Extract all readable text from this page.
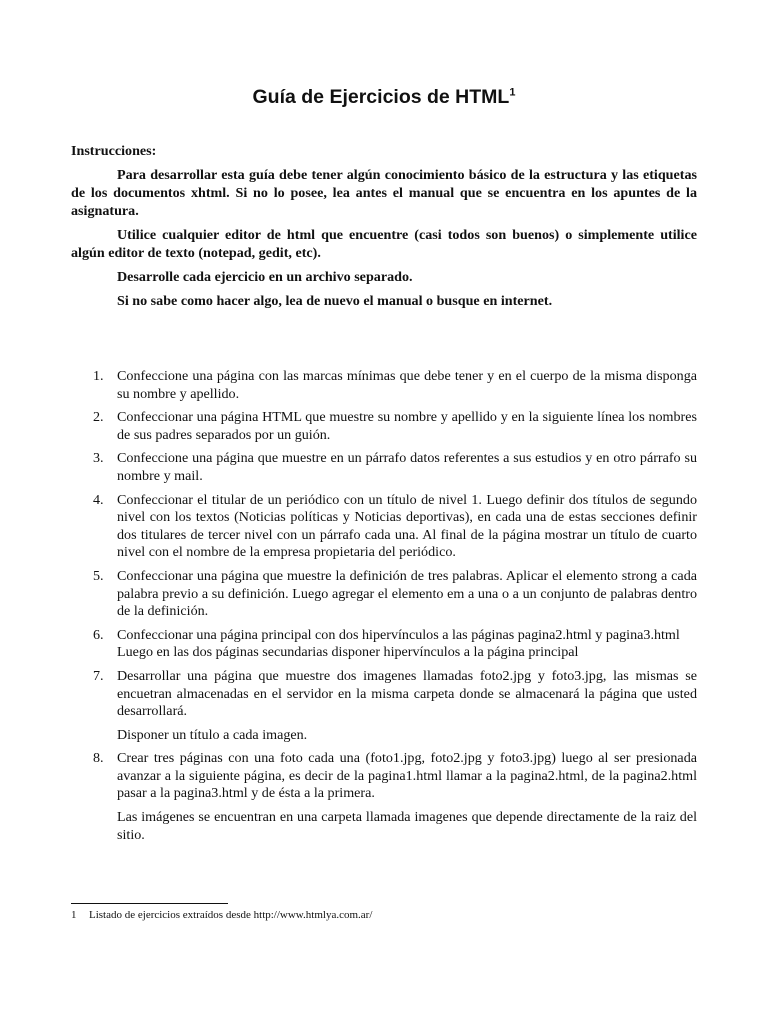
Guía de Ejercicios de HTML$^1$

Instrucciones:

Para desarrollar esta guía debe tener algún conocimiento básico de la estructura y las etiquetas de los documentos xhtml. Si no lo posee, lea antes el manual que se encuentra en los apuntes de la asignatura.

Utilice cualquier editor de html que encuentre (casi todos son buenos) o simplemente utilice algún editor de texto (notepad, gedit, etc).

Desarrolle cada ejercicio en un archivo separado.

Si no sabe como hacer algo, lea de nuevo el manual o busque en internet.

1. Confeccione una página con las marcas mínimas que debe tener y en el cuerpo de la misma disponga su nombre y apellido.

2. Confeccionar una página HTML que muestre su nombre y apellido y en la siguiente línea los nombres de sus padres separados por un guión.

3. Confeccione una página que muestre en un párrafo datos referentes a sus estudios y en otro párrafo su nombre y mail.

4. Confeccionar el titular de un periódico con un título de nivel 1. Luego definir dos títulos de segundo nivel con los textos (Noticias políticas y Noticias deportivas), en cada una de estas secciones definir dos titulares de tercer nivel con un párrafo cada una. Al final de la página mostrar un título de cuarto nivel con el nombre de la empresa propietaria del periódico.

5. Confeccionar una página que muestre la definición de tres palabras. Aplicar el elemento strong a cada palabra previo a su definición. Luego agregar el elemento em a una o a un conjunto de palabras dentro de la definición.

6. Confeccionar una página principal con dos hipervínculos a las páginas pagina2.html y pagina3.html

Luego en las dos páginas secundarias disponer hipervínculos a la página principal

7. Desarrollar una página que muestre dos imagenes llamadas foto2.jpg y foto3.jpg, las mismas se encuetran almacenadas en el servidor en la misma carpeta donde se almacenará la página que usted desarrollará.

Disponer un título a cada imagen.

8. Crear tres páginas con una foto cada una (foto1.jpg, foto2.jpg y foto3.jpg) luego al ser presionada avanzar a la siguiente página, es decir de la pagina1.html llamar a la pagina2.html, de la pagina2.html pasar a la pagina3.html y de ésta a la primera.

Las imágenes se encuentran en una carpeta llamada imagenes que depende directamente de la raiz del sitio.

1 Listado de ejercicios extraídos desde http://www.htmlya.com.ar/
